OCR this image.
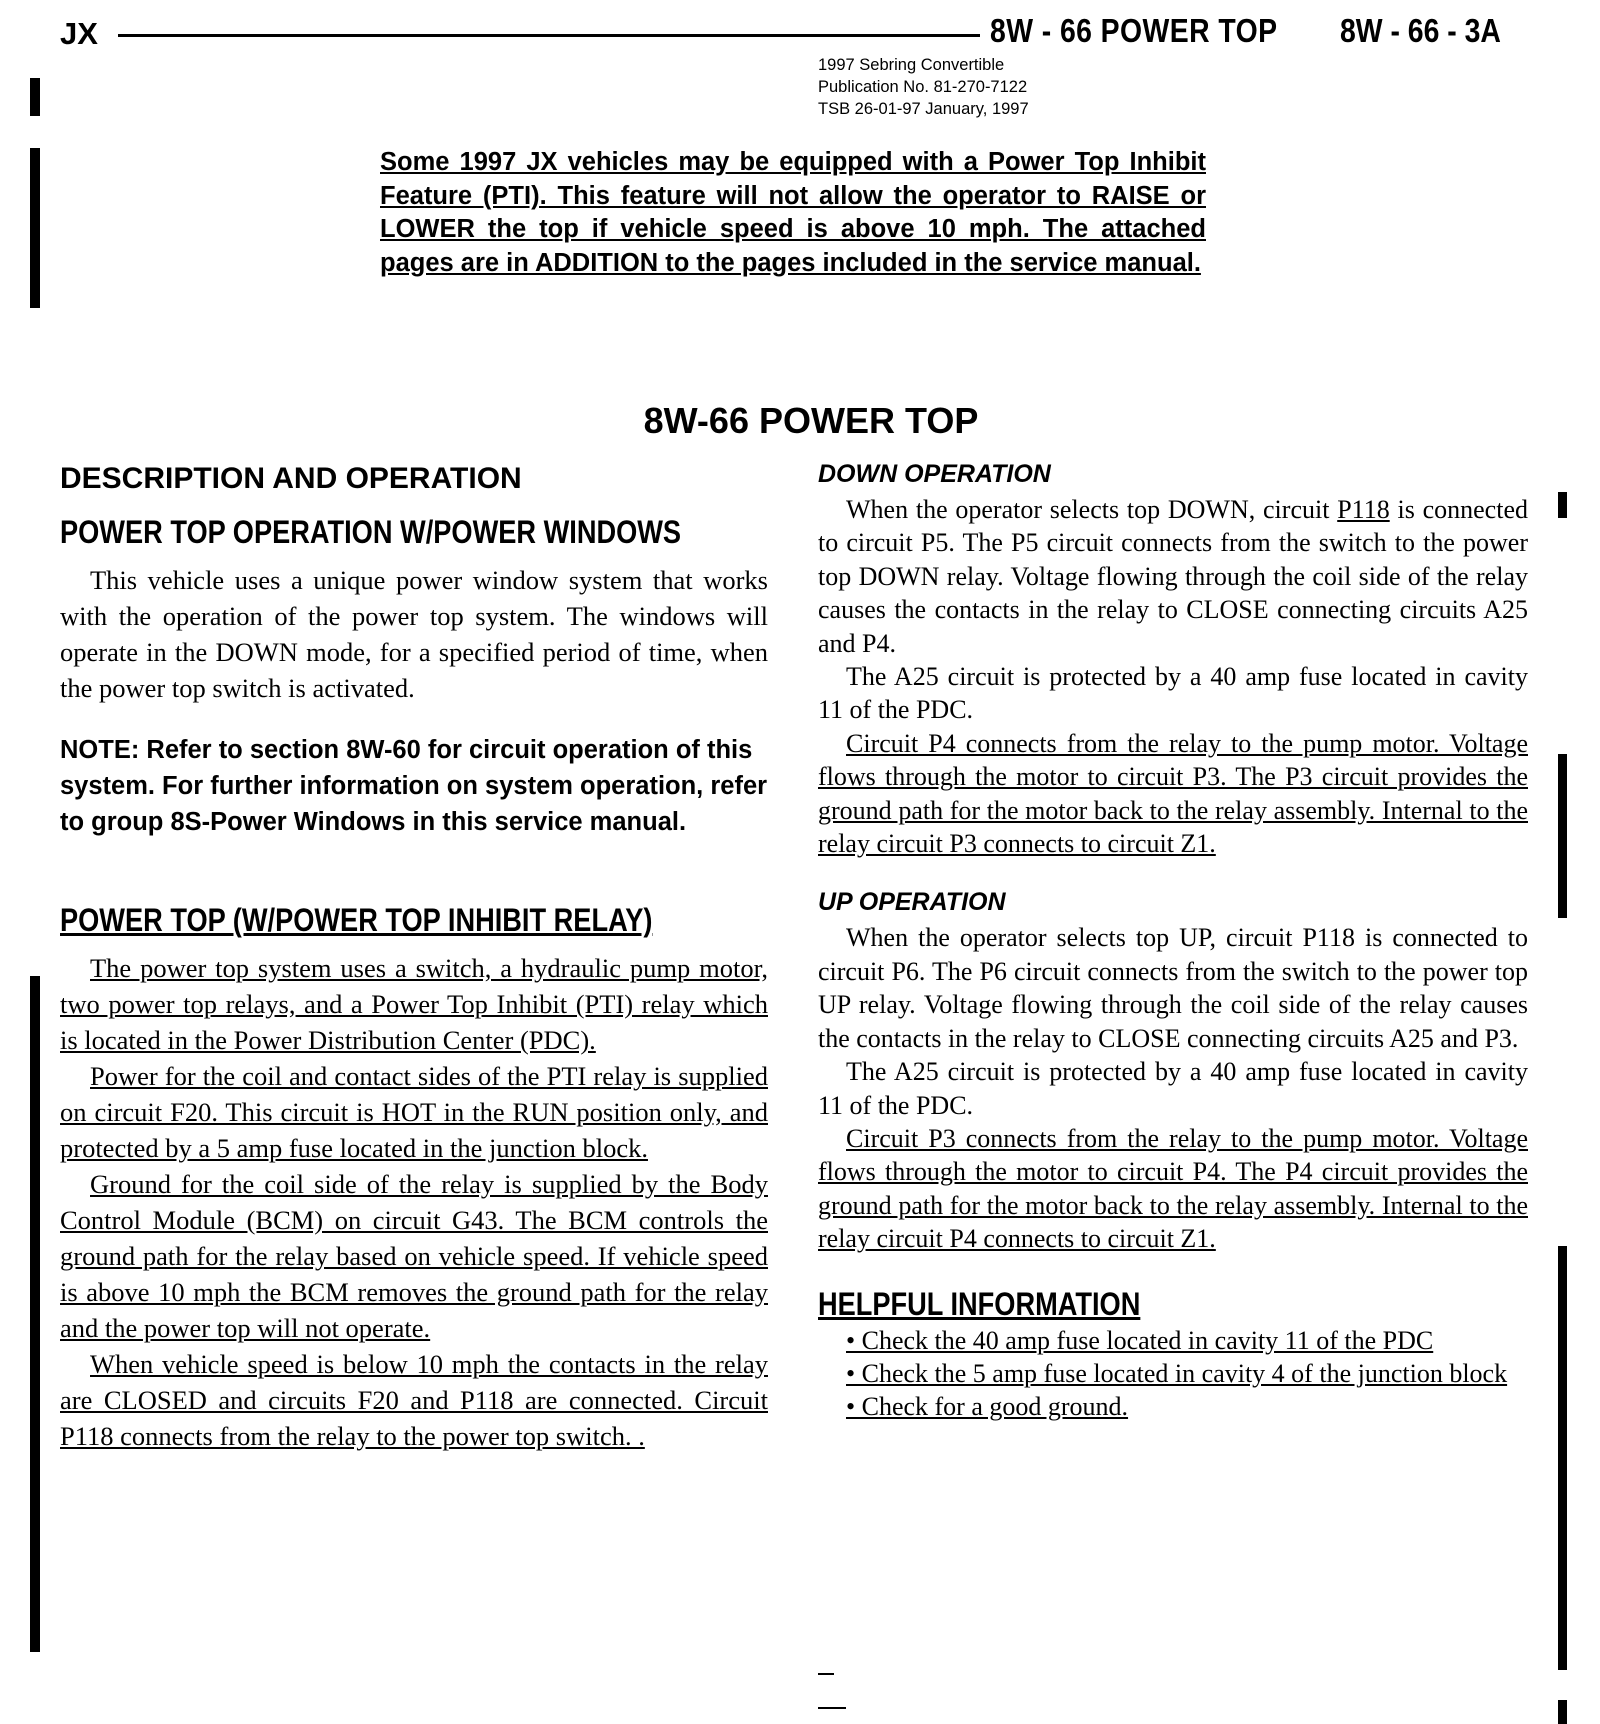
JX	8W - 66 POWER TOP 8W - 66 - 3A
1997 Sebring Convertible
Publication No. 81-270-7122
TSB 26-01-97 January, 1997
Some 1997 JX vehicles may be equipped with a Power Top Inhibit Feature (PTI). This feature will not allow the operator to RAISE or LOWER the top if vehicle speed is above 10 mph. The attached pages are in ADDITION to the pages included in the service manual.
8W-66 POWER TOP
DESCRIPTION AND OPERATION
POWER TOP OPERATION W/POWER WINDOWS

This vehicle uses a unique power window system that works with the operation of the power top system. The windows will operate in the DOWN mode, for a specified period of time, when the power top switch is activated.

NOTE: Refer to section 8W-60 for circuit operation of this system. For further information on system operation, refer to group 8S-Power Windows in this service manual.

POWER TOP (W/POWER TOP INHIBIT RELAY)

The power top system uses a switch, a hydraulic pump motor, two power top relays, and a Power Top Inhibit (PTI) relay which is located in the Power Distribution Center (PDC).

Power for the coil and contact sides of the PTI relay is supplied on circuit F20. This circuit is HOT in the RUN position only, and protected by a 5 amp fuse located in the junction block.

Ground for the coil side of the relay is supplied by the Body Control Module (BCM) on circuit G43. The BCM controls the ground path for the relay based on vehicle speed. If vehicle speed is above 10 mph the BCM removes the ground path for the relay and the power top will not operate.

When vehicle speed is below 10 mph the contacts in the relay are CLOSED and circuits F20 and P118 are connected. Circuit P118 connects from the relay to the power top switch. .

DOWN OPERATION

When the operator selects top DOWN, circuit P118 is connected to circuit P5. The P5 circuit connects from the switch to the power top DOWN relay. Voltage flowing through the coil side of the relay causes the contacts in the relay to CLOSE connecting circuits A25 and P4.

The A25 circuit is protected by a 40 amp fuse located in cavity 11 of the PDC.

Circuit P4 connects from the relay to the pump motor. Voltage flows through the motor to circuit P3. The P3 circuit provides the ground path for the motor back to the relay assembly. Internal to the relay circuit P3 connects to circuit Z1.

UP OPERATION

When the operator selects top UP, circuit P118 is connected to circuit P6. The P6 circuit connects from the switch to the power top UP relay. Voltage flowing through the coil side of the relay causes the contacts in the relay to CLOSE connecting circuits A25 and P3.

The A25 circuit is protected by a 40 amp fuse located in cavity 11 of the PDC.

Circuit P3 connects from the relay to the pump motor. Voltage flows through the motor to circuit P4. The P4 circuit provides the ground path for the motor back to the relay assembly. Internal to the relay circuit P4 connects to circuit Z1.

HELPFUL INFORMATION

• Check the 40 amp fuse located in cavity 11 of the PDC

• Check the 5 amp fuse located in cavity 4 of the junction block

• Check for a good ground.
